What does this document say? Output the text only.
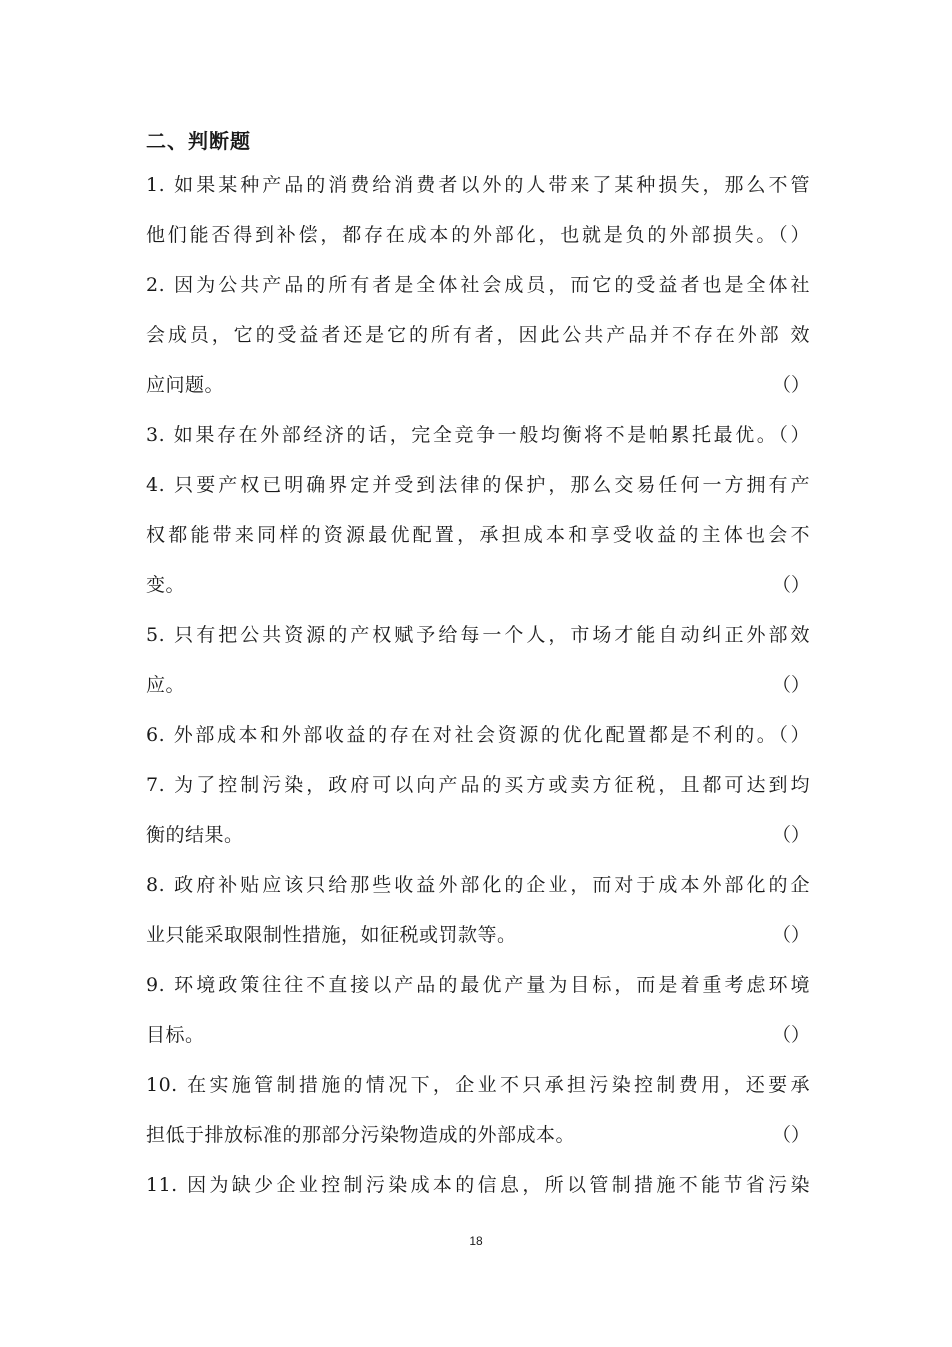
二、判断题
1. 如果某种产品的消费给消费者以外的人带来了某种损失，那么不管
他们能否得到补偿，都存在成本的外部化，也就是负的外部损失。（）
2. 因为公共产品的所有者是全体社会成员，而它的受益者也是全体社
会成员，它的受益者还是它的所有者，因此公共产品并不存在外部 效
应问题。	（）
3. 如果存在外部经济的话，完全竞争一般均衡将不是帕累托最优。（）
4. 只要产权已明确界定并受到法律的保护，那么交易任何一方拥有产
权都能带来同样的资源最优配置，承担成本和享受收益的主体也会不
变。	（）
5. 只有把公共资源的产权赋予给每一个人，市场才能自动纠正外部效
应。	（）
6. 外部成本和外部收益的存在对社会资源的优化配置都是不利的。（）
7. 为了控制污染，政府可以向产品的买方或卖方征税，且都可达到均
衡的结果。	（）
8. 政府补贴应该只给那些收益外部化的企业，而对于成本外部化的企
业只能采取限制性措施，如征税或罚款等。	（）
9. 环境政策往往不直接以产品的最优产量为目标，而是着重考虑环境
目标。	（）
10. 在实施管制措施的情况下，企业不只承担污染控制费用，还要承
担低于排放标准的那部分污染物造成的外部成本。	（）
11. 因为缺少企业控制污染成本的信息，所以管制措施不能节省污染
18
